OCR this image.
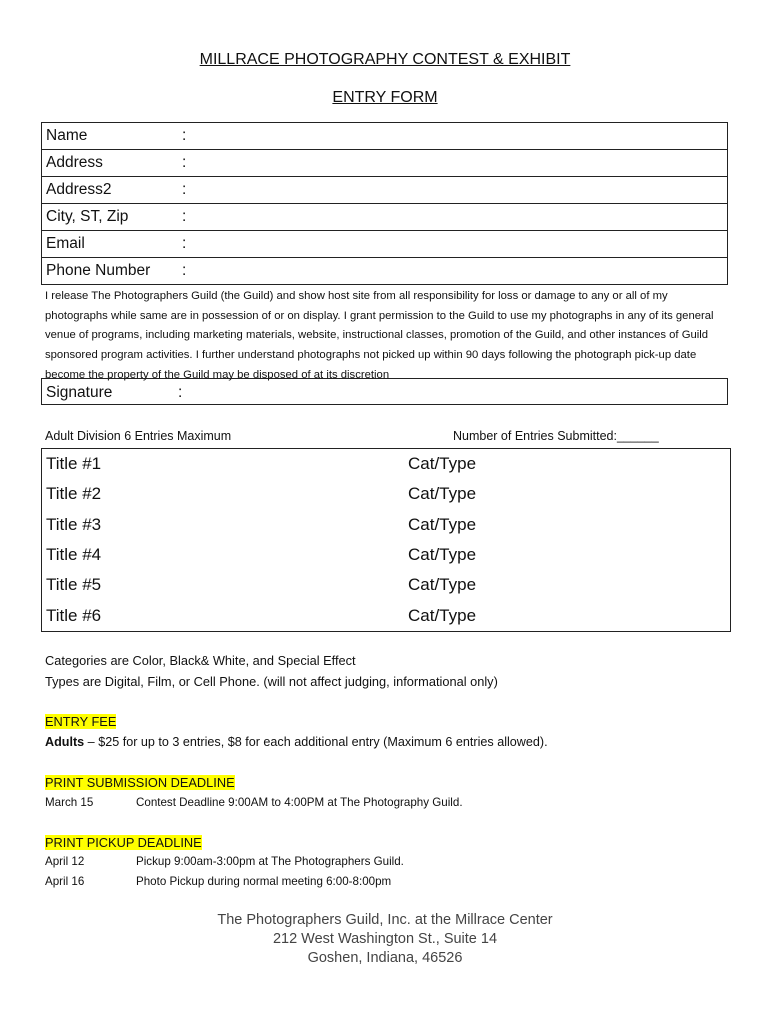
MILLRACE PHOTOGRAPHY CONTEST & EXHIBIT
ENTRY FORM
Name	:
Address	:
Address2	:
City, ST, Zip	:
Email	:
Phone Number	:

I release The Photographers Guild (the Guild) and show host site from all responsibility for loss or damage to any or all of my photographs while same are in possession of or on display. I grant permission to the Guild to use my photographs in any of its general venue of programs, including marketing materials, website, instructional classes, promotion of the Guild, and other instances of Guild sponsored program activities. I further understand photographs not picked up within 90 days following the photograph pick-up date become the property of the Guild may be disposed of at its discretion

Signature	:
Adult Division 6 Entries Maximum	Number of Entries Submitted:______
Title #1	Cat/Type
Title #2	Cat/Type
Title #3	Cat/Type
Title #4	Cat/Type
Title #5	Cat/Type
Title #6	Cat/Type
Categories are Color, Black& White, and Special Effect
Types are Digital, Film, or Cell Phone. (will not affect judging, informational only)
ENTRY FEE
Adults – $25 for up to 3 entries, $8 for each additional entry (Maximum 6 entries allowed).
PRINT SUBMISSION DEADLINE
March 15	Contest Deadline 9:00AM to 4:00PM at The Photography Guild.
PRINT PICKUP DEADLINE
April 12	Pickup 9:00am-3:00pm at The Photographers Guild.
April 16	Photo Pickup during normal meeting 6:00-8:00pm
The Photographers Guild, Inc. at the Millrace Center
212 West Washington St., Suite 14
Goshen, Indiana, 46526
